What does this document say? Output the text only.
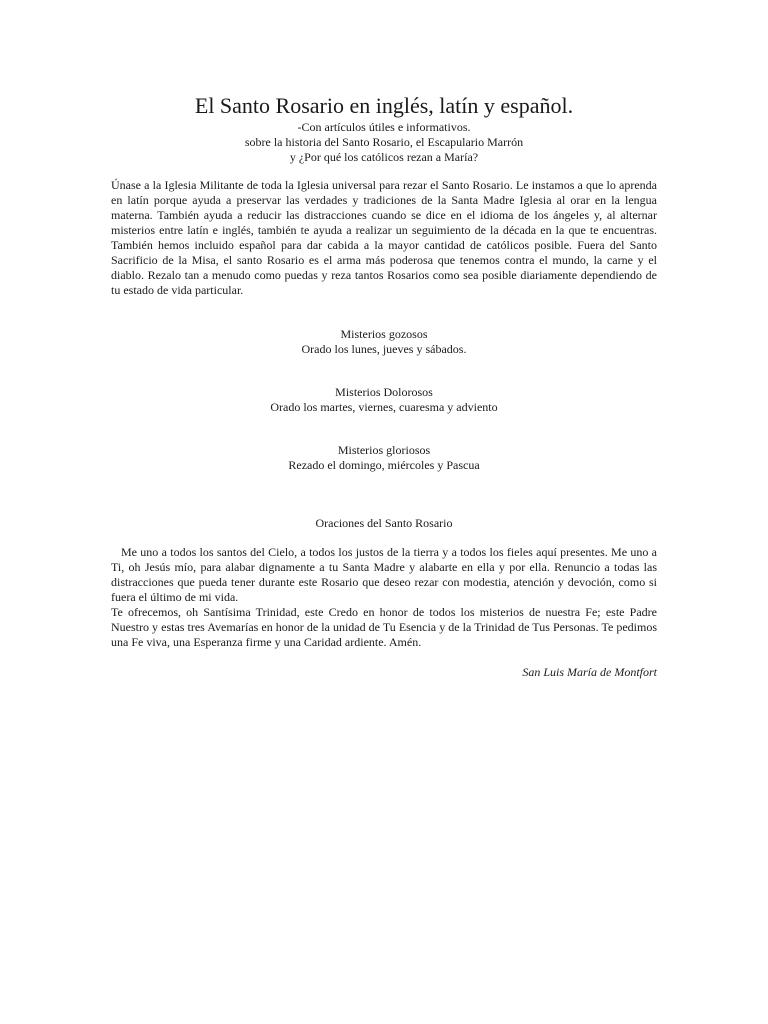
El Santo Rosario en inglés, latín y español.
-Con artículos útiles e informativos.
sobre la historia del Santo Rosario, el Escapulario Marrón
y ¿Por qué los católicos rezan a María?

Únase a la Iglesia Militante de toda la Iglesia universal para rezar el Santo Rosario. Le instamos a que lo aprenda en latín porque ayuda a preservar las verdades y tradiciones de la Santa Madre Iglesia al orar en la lengua materna. También ayuda a reducir las distracciones cuando se dice en el idioma de los ángeles y, al alternar misterios entre latín e inglés, también te ayuda a realizar un seguimiento de la década en la que te encuentras. También hemos incluido español para dar cabida a la mayor cantidad de católicos posible. Fuera del Santo Sacrificio de la Misa, el santo Rosario es el arma más poderosa que tenemos contra el mundo, la carne y el diablo. Rezalo tan a menudo como puedas y reza tantos Rosarios como sea posible diariamente dependiendo de tu estado de vida particular.

Misterios gozosos
Orado los lunes, jueves y sábados.
Misterios Dolorosos
Orado los martes, viernes, cuaresma y adviento
Misterios gloriosos
Rezado el domingo, miércoles y Pascua
Oraciones del Santo Rosario

Me uno a todos los santos del Cielo, a todos los justos de la tierra y a todos los fieles aquí presentes. Me uno a Ti, oh Jesús mío, para alabar dignamente a tu Santa Madre y alabarte en ella y por ella. Renuncio a todas las distracciones que pueda tener durante este Rosario que deseo rezar con modestia, atención y devoción, como si fuera el último de mi vida.

Te ofrecemos, oh Santísima Trinidad, este Credo en honor de todos los misterios de nuestra Fe; este Padre Nuestro y estas tres Avemarías en honor de la unidad de Tu Esencia y de la Trinidad de Tus Personas. Te pedimos una Fe viva, una Esperanza firme y una Caridad ardiente. Amén.

San Luis María de Montfort
